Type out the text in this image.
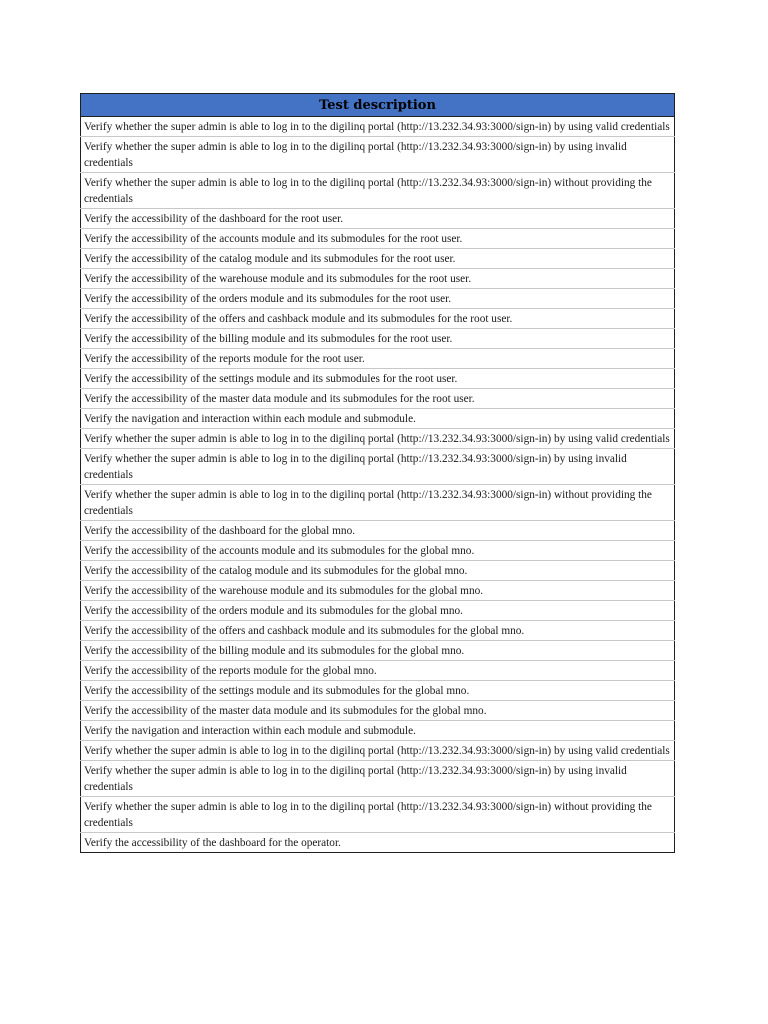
Test description
Verify whether the super admin is able to log in to the digilinq portal (http://13.232.34.93:3000/sign-in) by using valid credentials
Verify whether the super admin is able to log in to the digilinq portal (http://13.232.34.93:3000/sign-in) by using invalid credentials
Verify whether the super admin is able to log in to the digilinq portal (http://13.232.34.93:3000/sign-in) without providing the credentials
Verify the accessibility of the dashboard for the root user.
Verify the accessibility of the accounts module and its submodules for the root user.
Verify the accessibility of the catalog module and its submodules for the root user.
Verify the accessibility of the warehouse module and its submodules for the root user.
Verify the accessibility of the orders module and its submodules for the root user.
Verify the accessibility of the offers and cashback module and its submodules for the root user.
Verify the accessibility of the billing module and its submodules for the root user.
Verify the accessibility of the reports module for the root user.
Verify the accessibility of the settings module and its submodules for the root user.
Verify the accessibility of the master data module and its submodules for the root user.
Verify the navigation and interaction within each module and submodule.
Verify whether the super admin is able to log in to the digilinq portal (http://13.232.34.93:3000/sign-in) by using valid credentials
Verify whether the super admin is able to log in to the digilinq portal (http://13.232.34.93:3000/sign-in) by using invalid credentials
Verify whether the super admin is able to log in to the digilinq portal (http://13.232.34.93:3000/sign-in) without providing the credentials
Verify the accessibility of the dashboard for the global mno.
Verify the accessibility of the accounts module and its submodules for the global mno.
Verify the accessibility of the catalog module and its submodules for the global mno.
Verify the accessibility of the warehouse module and its submodules for the global mno.
Verify the accessibility of the orders module and its submodules for the global mno.
Verify the accessibility of the offers and cashback module and its submodules for the global mno.
Verify the accessibility of the billing module and its submodules for the global mno.
Verify the accessibility of the reports module for the global mno.
Verify the accessibility of the settings module and its submodules for the global mno.
Verify the accessibility of the master data module and its submodules for the global mno.
Verify the navigation and interaction within each module and submodule.
Verify whether the super admin is able to log in to the digilinq portal (http://13.232.34.93:3000/sign-in) by using valid credentials
Verify whether the super admin is able to log in to the digilinq portal (http://13.232.34.93:3000/sign-in) by using invalid credentials
Verify whether the super admin is able to log in to the digilinq portal (http://13.232.34.93:3000/sign-in) without providing the credentials
Verify the accessibility of the dashboard for the operator.
